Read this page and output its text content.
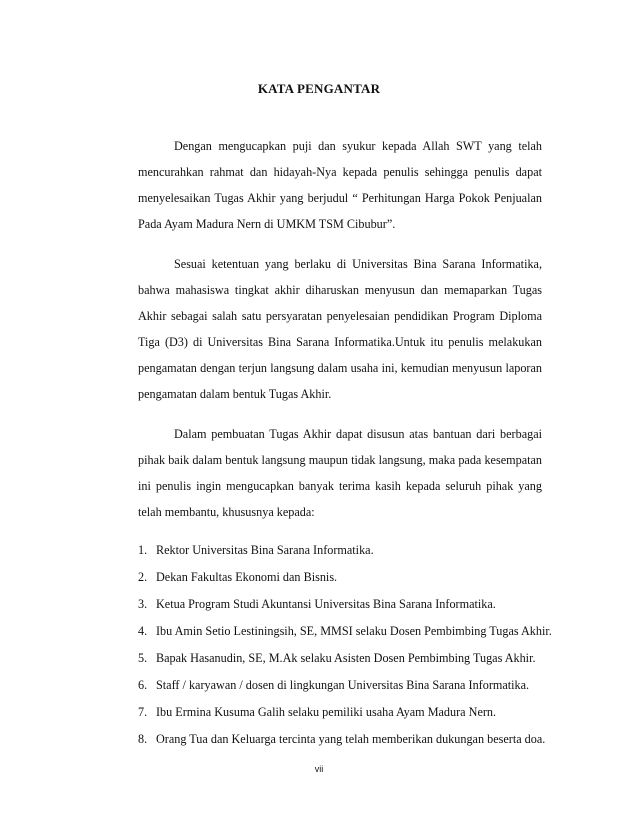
KATA PENGANTAR

Dengan mengucapkan puji dan syukur kepada Allah SWT yang telah mencurahkan rahmat dan hidayah-Nya kepada penulis sehingga penulis dapat menyelesaikan Tugas Akhir yang berjudul “ Perhitungan Harga Pokok Penjualan Pada Ayam Madura Nern di UMKM TSM Cibubur”.

Sesuai ketentuan yang berlaku di Universitas Bina Sarana Informatika, bahwa mahasiswa tingkat akhir diharuskan menyusun dan memaparkan Tugas Akhir sebagai salah satu persyaratan penyelesaian pendidikan Program Diploma Tiga (D3) di Universitas Bina Sarana Informatika.Untuk itu penulis melakukan pengamatan dengan terjun langsung dalam usaha ini, kemudian menyusun laporan pengamatan dalam bentuk Tugas Akhir.

Dalam pembuatan Tugas Akhir dapat disusun atas bantuan dari berbagai pihak baik dalam bentuk langsung maupun tidak langsung, maka pada kesempatan ini penulis ingin mengucapkan banyak terima kasih kepada seluruh pihak yang telah membantu, khususnya kepada:

1. Rektor Universitas Bina Sarana Informatika.
2. Dekan Fakultas Ekonomi dan Bisnis.
3. Ketua Program Studi Akuntansi Universitas Bina Sarana Informatika.
4. Ibu Amin Setio Lestiningsih, SE, MMSI selaku Dosen Pembimbing Tugas Akhir.
5. Bapak Hasanudin, SE, M.Ak selaku Asisten Dosen Pembimbing Tugas Akhir.
6. Staff / karyawan / dosen di lingkungan Universitas Bina Sarana Informatika.
7. Ibu Ermina Kusuma Galih selaku pemiliki usaha Ayam Madura Nern.
8. Orang Tua dan Keluarga tercinta yang telah memberikan dukungan beserta doa.

vii
